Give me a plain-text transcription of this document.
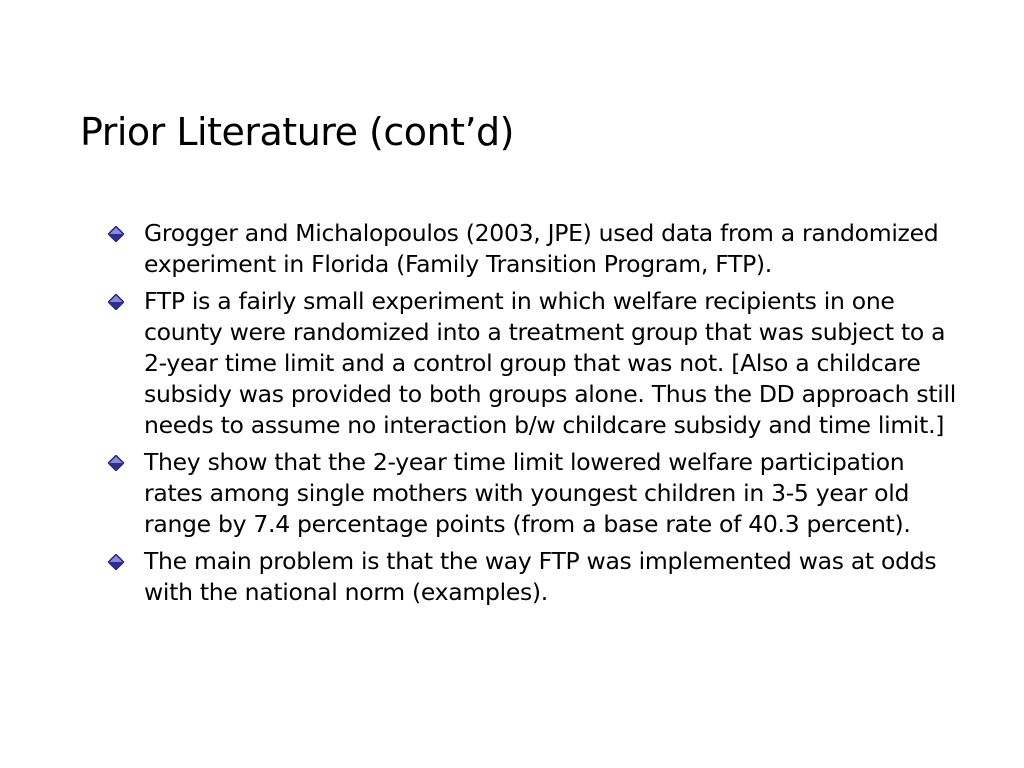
Prior Literature (cont’d)
Grogger and Michalopoulos (2003, JPE) used data from a randomized experiment in Florida (Family Transition Program, FTP).
FTP is a fairly small experiment in which welfare recipients in one county were randomized into a treatment group that was subject to a 2-year time limit and a control group that was not. [Also a childcare subsidy was provided to both groups alone. Thus the DD approach still needs to assume no interaction b/w childcare subsidy and time limit.]
They show that the 2-year time limit lowered welfare participation rates among single mothers with youngest children in 3-5 year old range by 7.4 percentage points (from a base rate of 40.3 percent).
The main problem is that the way FTP was implemented was at odds with the national norm (examples).
